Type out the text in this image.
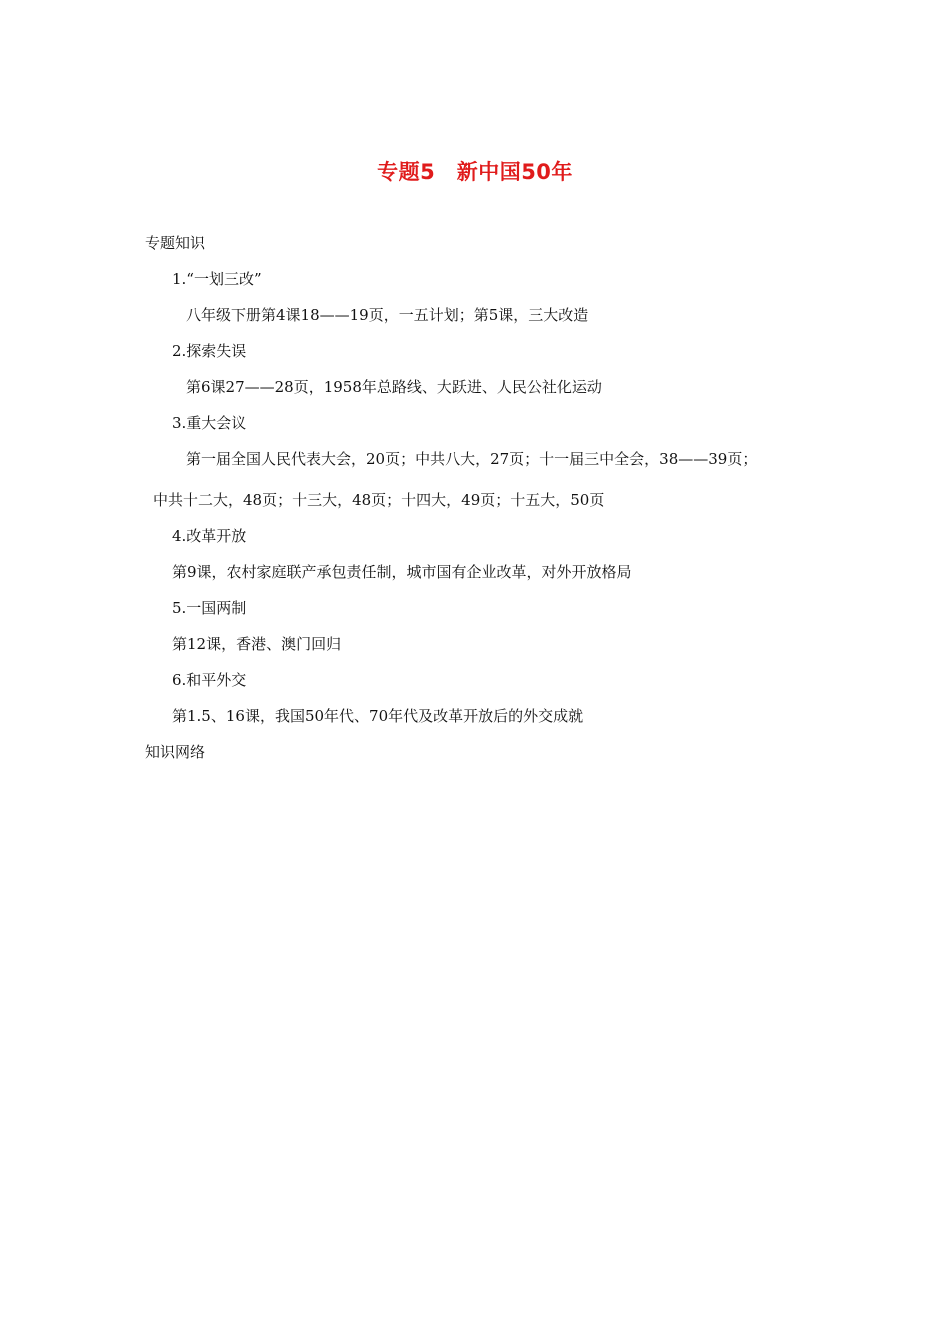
专题5　新中国50年
专题知识
1.“一划三改”
八年级下册第4课18——19页，一五计划；第5课，三大改造
2.探索失误
第6课27——28页，1958年总路线、大跃进、人民公社化运动
3.重大会议
第一届全国人民代表大会，20页；中共八大，27页；十一届三中全会，38——39页；
中共十二大，48页；十三大，48页；十四大，49页；十五大，50页
4.改革开放
第9课，农村家庭联产承包责任制，城市国有企业改革，对外开放格局
5.一国两制
第12课，香港、澳门回归
6.和平外交
第1.5、16课，我国50年代、70年代及改革开放后的外交成就
知识网络
